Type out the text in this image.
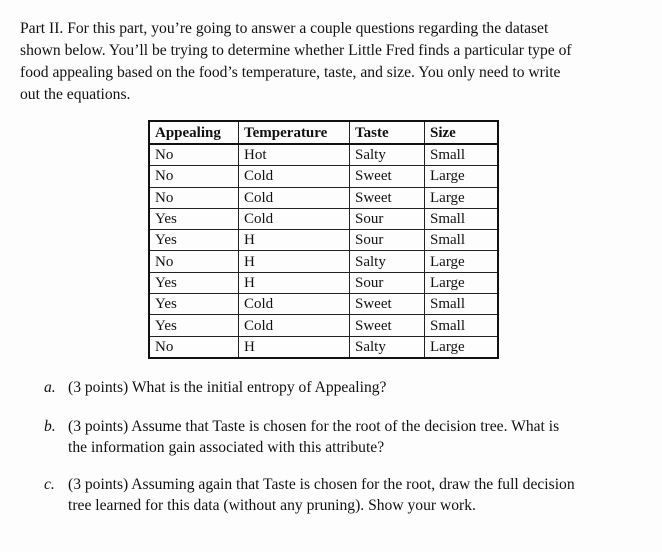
Part II. For this part, you’re going to answer a couple questions regarding the dataset
shown below. You’ll be trying to determine whether Little Fred finds a particular type of
food appealing based on the food’s temperature, taste, and size. You only need to write
out the equations.
Appealing	Temperature	Taste	Size
No	Hot	Salty	Small
No	Cold	Sweet	Large
No	Cold	Sweet	Large
Yes	Cold	Sour	Small
Yes	H	Sour	Small
No	H	Salty	Large
Yes	H	Sour	Large
Yes	Cold	Sweet	Small
Yes	Cold	Sweet	Small
No	H	Salty	Large
a. (3 points) What is the initial entropy of Appealing?
b. (3 points) Assume that Taste is chosen for the root of the decision tree. What is
the information gain associated with this attribute?
c. (3 points) Assuming again that Taste is chosen for the root, draw the full decision
tree learned for this data (without any pruning). Show your work.
